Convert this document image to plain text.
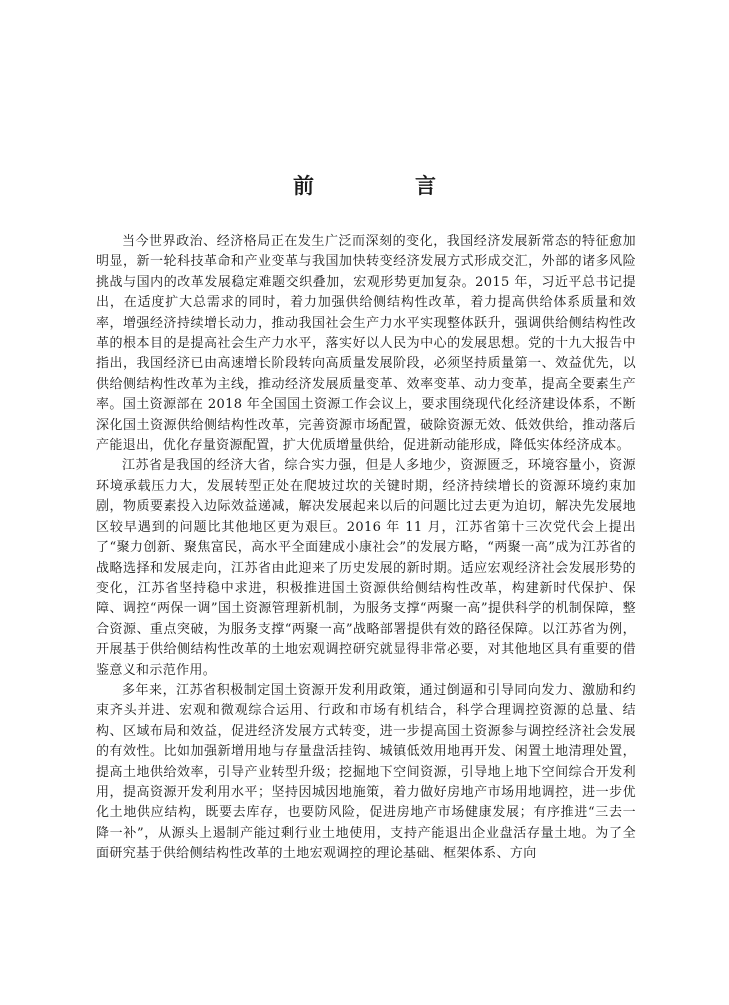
前　言

当今世界政治、经济格局正在发生广泛而深刻的变化，我国经济发展新常态的特征愈加明显，新一轮科技革命和产业变革与我国加快转变经济发展方式形成交汇，外部的诸多风险挑战与国内的改革发展稳定难题交织叠加，宏观形势更加复杂。2015 年，习近平总书记提出，在适度扩大总需求的同时，着力加强供给侧结构性改革，着力提高供给体系质量和效率，增强经济持续增长动力，推动我国社会生产力水平实现整体跃升，强调供给侧结构性改革的根本目的是提高社会生产力水平，落实好以人民为中心的发展思想。党的十九大报告中指出，我国经济已由高速增长阶段转向高质量发展阶段，必须坚持质量第一、效益优先，以供给侧结构性改革为主线，推动经济发展质量变革、效率变革、动力变革，提高全要素生产率。国土资源部在 2018 年全国国土资源工作会议上，要求围绕现代化经济建设体系，不断深化国土资源供给侧结构性改革，完善资源市场配置，破除资源无效、低效供给，推动落后产能退出，优化存量资源配置，扩大优质增量供给，促进新动能形成，降低实体经济成本。

江苏省是我国的经济大省，综合实力强，但是人多地少，资源匮乏，环境容量小，资源环境承载压力大，发展转型正处在爬坡过坎的关键时期，经济持续增长的资源环境约束加剧，物质要素投入边际效益递减，解决发展起来以后的问题比过去更为迫切，解决先发展地区较早遇到的问题比其他地区更为艰巨。2016 年 11 月，江苏省第十三次党代会上提出了“聚力创新、聚焦富民，高水平全面建成小康社会”的发展方略，“两聚一高”成为江苏省的战略选择和发展走向，江苏省由此迎来了历史发展的新时期。适应宏观经济社会发展形势的变化，江苏省坚持稳中求进，积极推进国土资源供给侧结构性改革，构建新时代保护、保障、调控“两保一调”国土资源管理新机制，为服务支撑“两聚一高”提供科学的机制保障，整合资源、重点突破，为服务支撑“两聚一高”战略部署提供有效的路径保障。以江苏省为例，开展基于供给侧结构性改革的土地宏观调控研究就显得非常必要，对其他地区具有重要的借鉴意义和示范作用。

多年来，江苏省积极制定国土资源开发利用政策，通过倒逼和引导同向发力、激励和约束齐头并进、宏观和微观综合运用、行政和市场有机结合，科学合理调控资源的总量、结构、区域布局和效益，促进经济发展方式转变，进一步提高国土资源参与调控经济社会发展的有效性。比如加强新增用地与存量盘活挂钩、城镇低效用地再开发、闲置土地清理处置，提高土地供给效率，引导产业转型升级；挖掘地下空间资源，引导地上地下空间综合开发利用，提高资源开发利用水平；坚持因城因地施策，着力做好房地产市场用地调控，进一步优化土地供应结构，既要去库存，也要防风险，促进房地产市场健康发展；有序推进“三去一降一补”，从源头上遏制产能过剩行业土地使用，支持产能退出企业盘活存量土地。为了全面研究基于供给侧结构性改革的土地宏观调控的理论基础、框架体系、方向
